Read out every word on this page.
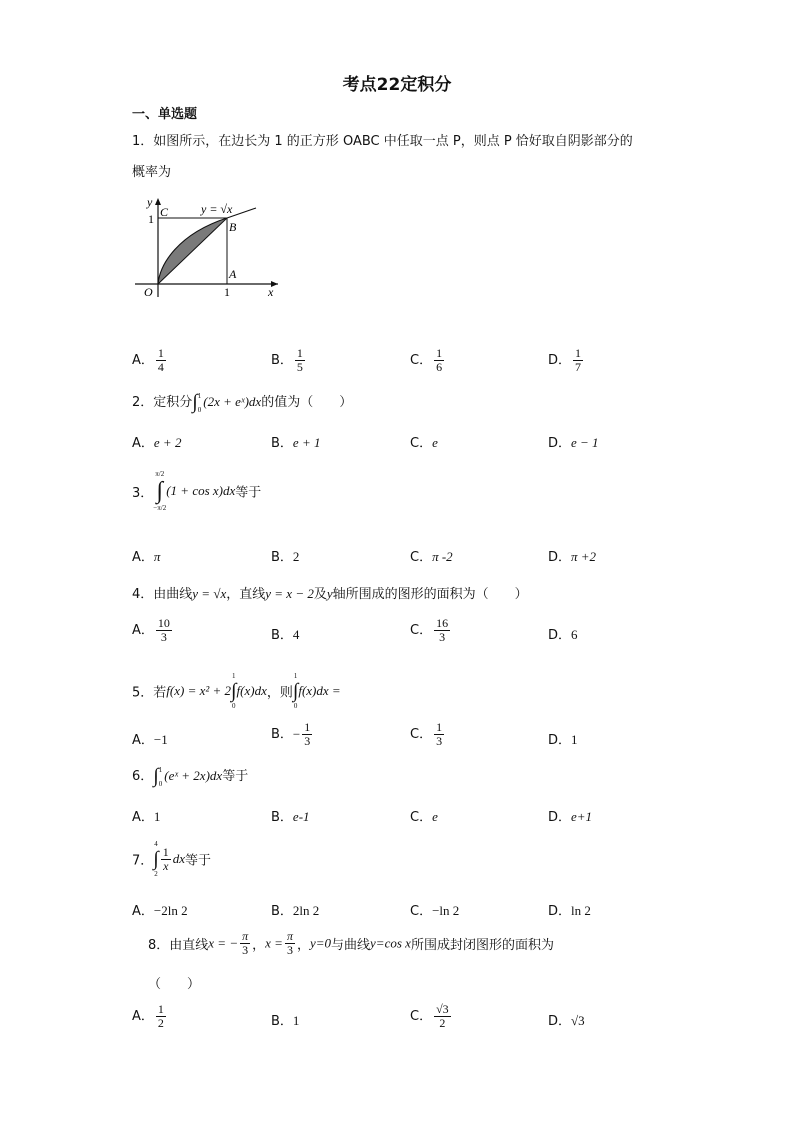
考点22定积分
一、单选题
1．如图所示，在边长为 1 的正方形 OABC 中任取一点 P，则点 P 恰好取自阴影部分的
概率为
y
x
O
C
B
A
1
1
y = √x
A． $\frac{1}{4}$	B． $\frac{1}{5}$	C． $\frac{1}{6}$	D． $\frac{1}{7}$
2．定积分∫ 1
0
(2x + eˣ)dx的值为（　　）
A．e + 2	B．e + 1	C．e	D．e − 1
3．
π/2
∫
−π/2
(1 + cos x)dx等于
A．π	B．2	C．π -2	D．π +2
4．由曲线y = √x，直线y = x − 2及y轴所围成的图形的面积为（　　）
A． $\frac{10}{3}$	B．4	C． $\frac{16}{3}$	D．6
5．若f(x) = x² + 2
1
∫
0
f(x)dx，则
1
∫
0
f(x)dx =
A．−1	B．− $\frac{1}{3}$	C． $\frac{1}{3}$	D．1
6．∫ 1
0
(eˣ + 2x)dx等于
A．1	B．e-1	C．e	D．e+1
7．
4
∫
2
$\frac{1}{x}$ dx等于
A．−2ln 2	B．2ln 2	C．−ln 2	D．ln 2
8．由直线x = − $\frac{\pi}{3}$ ，$x = \frac{\pi}{3}$ ，y=0与曲线y=cos x所围成封闭图形的面积为
（　　）
A． $\frac{1}{2}$	B．1	C． $\frac{√3}{2}$	D．√3
